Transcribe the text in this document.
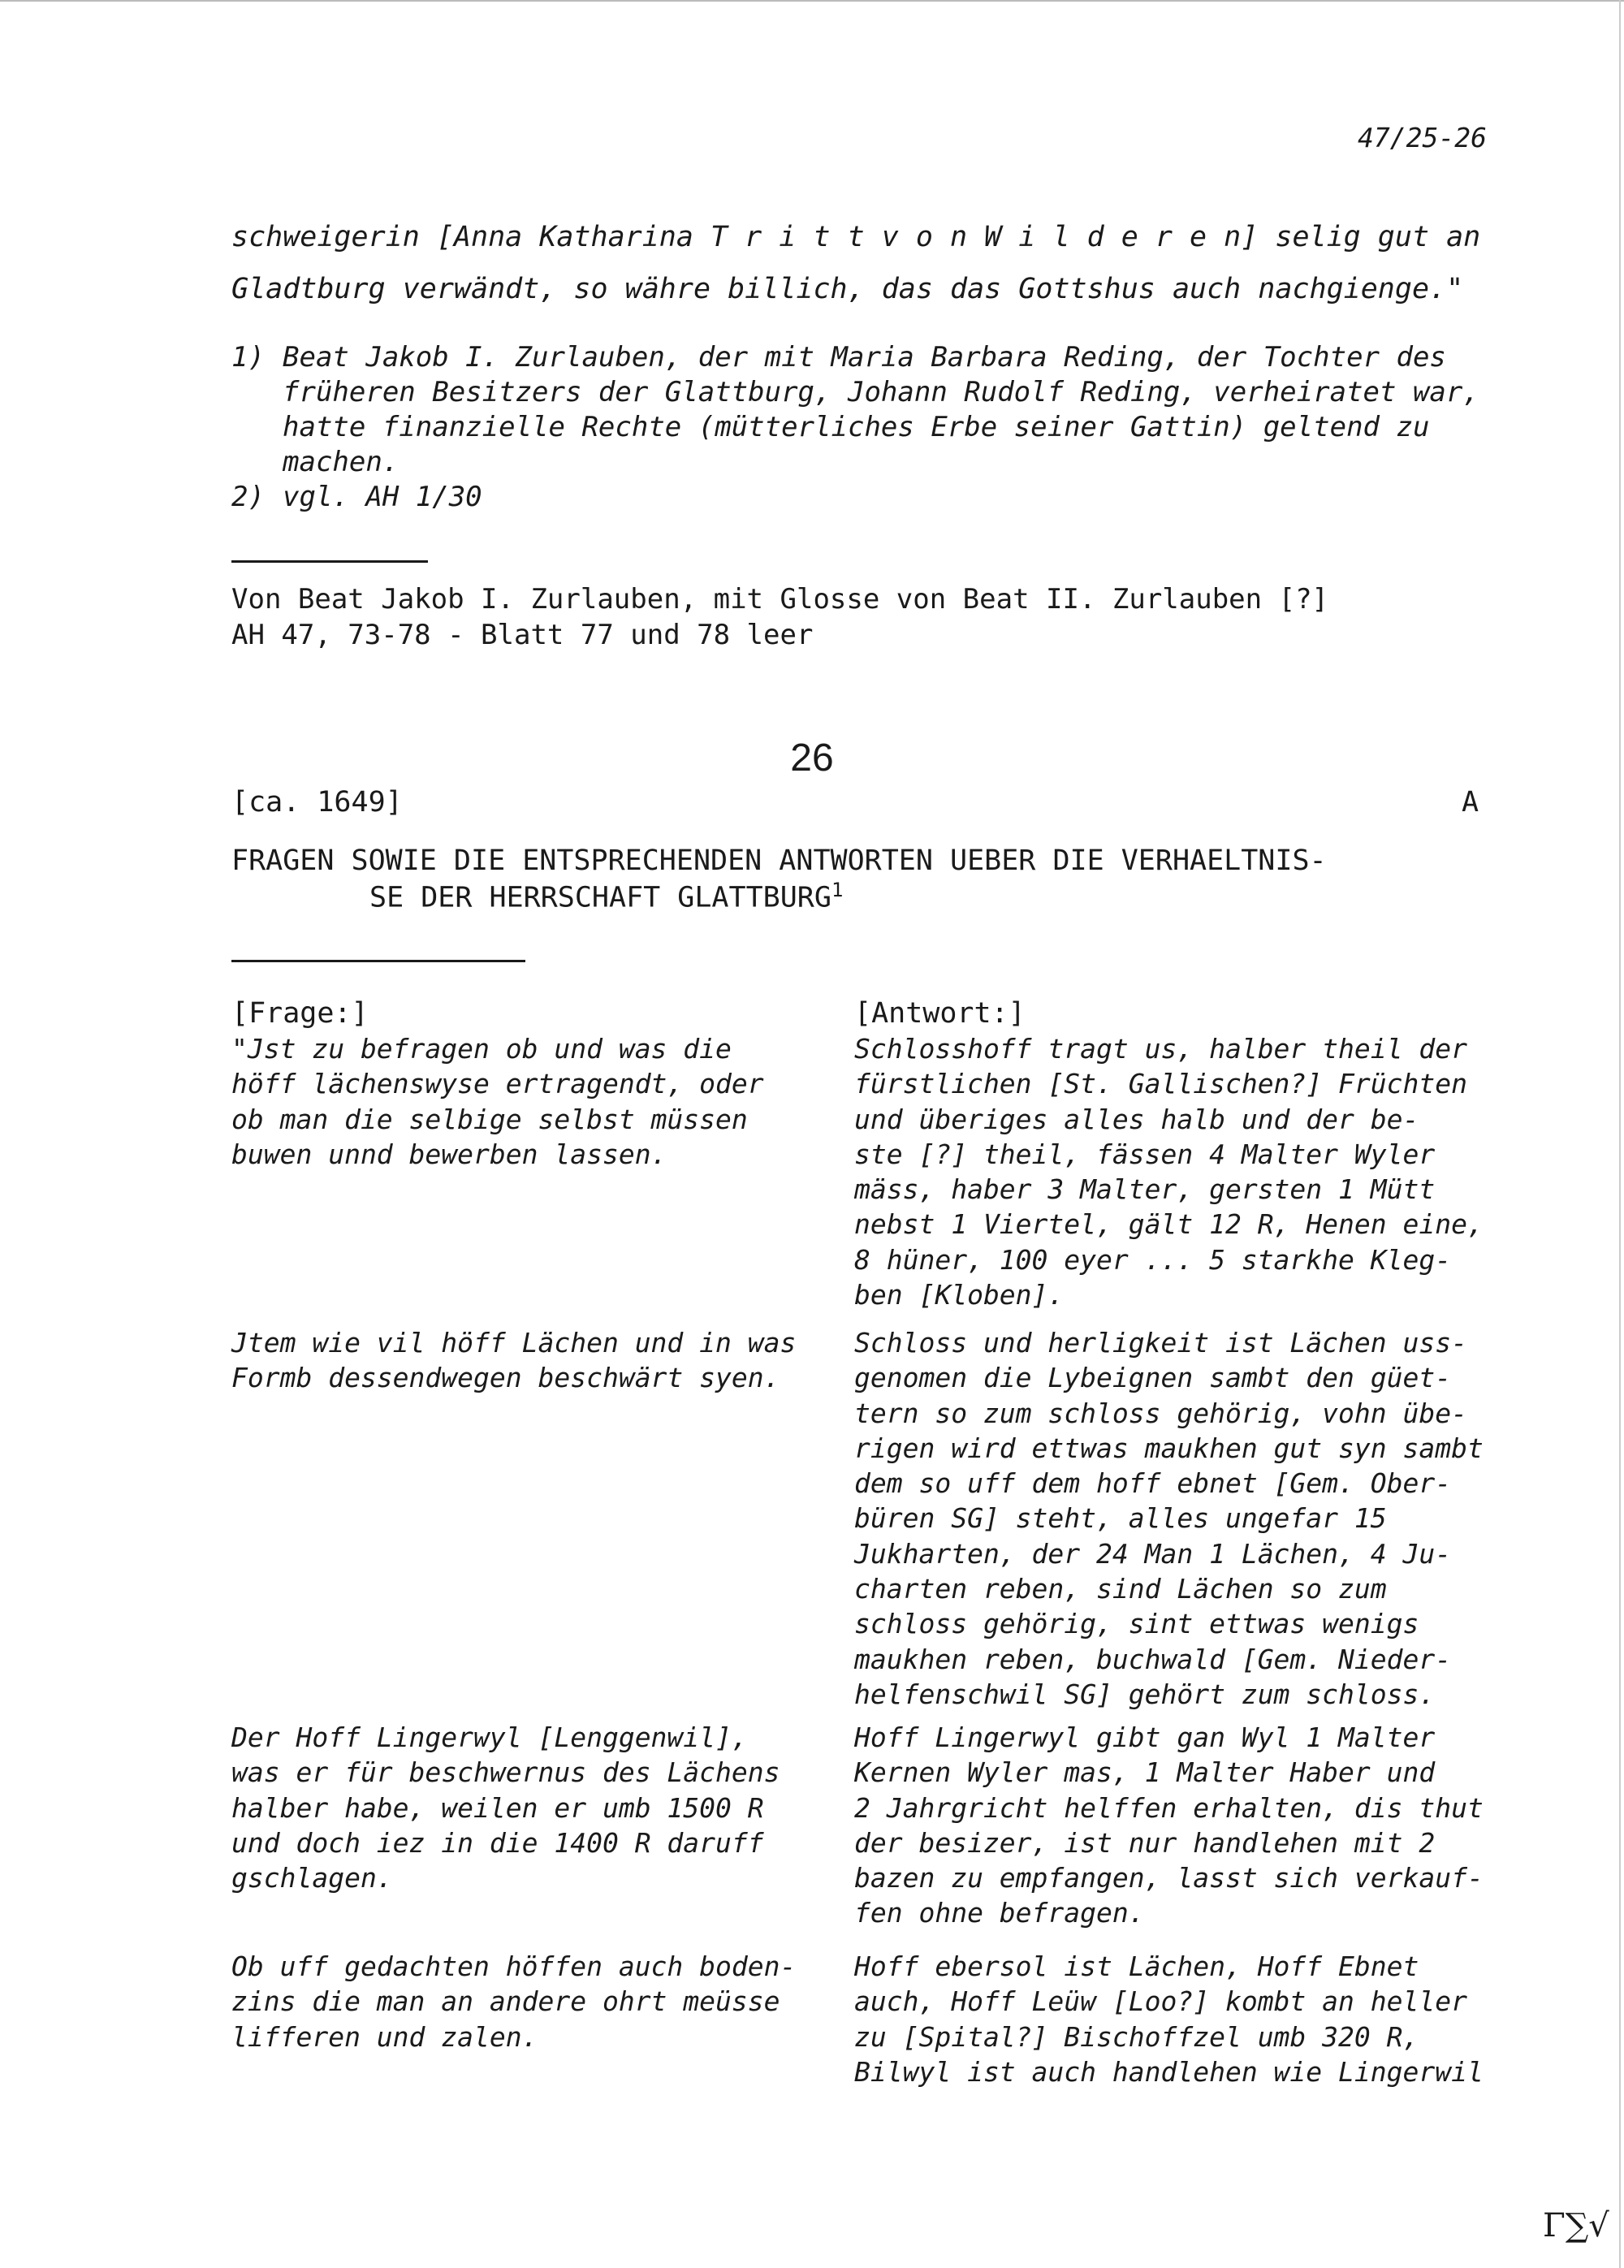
47/25-26
schweigerin [Anna Katharina T r i t t v o n W i l d e r e n] selig gut an
Gladtburg verwändt, so währe billich, das das Gottshus auch nachgienge."
1) Beat Jakob I. Zurlauben, der mit Maria Barbara Reding, der Tochter des
früheren Besitzers der Glattburg, Johann Rudolf Reding, verheiratet war,
hatte finanzielle Rechte (mütterliches Erbe seiner Gattin) geltend zu
machen.
2) vgl. AH 1/30
Von Beat Jakob I. Zurlauben, mit Glosse von Beat II. Zurlauben [?]
AH 47, 73-78 - Blatt 77 und 78 leer
26
[ca. 1649]	A
FRAGEN SOWIE DIE ENTSPRECHENDEN ANTWORTEN UEBER DIE VERHAELTNIS-
SE DER HERRSCHAFT GLATTBURG$^1$
[Frage:]	[Antwort:]
"Jst zu befragen ob und was die
höff lächenswyse ertragendt, oder
ob man die selbige selbst müssen
buwen unnd bewerben lassen.
Schlosshoff tragt us, halber theil der
fürstlichen [St. Gallischen?] Früchten
und überiges alles halb und der be-
ste [?] theil, fässen 4 Malter Wyler
mäss, haber 3 Malter, gersten 1 Mütt
nebst 1 Viertel, gält 12 R, Henen eine,
8 hüner, 100 eyer ... 5 starkhe Kleg-
ben [Kloben].
Jtem wie vil höff Lächen und in was
Formb dessendwegen beschwärt syen.
Schloss und herligkeit ist Lächen uss-
genomen die Lybeignen sambt den güet-
tern so zum schloss gehörig, vohn übe-
rigen wird ettwas maukhen gut syn sambt
dem so uff dem hoff ebnet [Gem. Ober-
büren SG] steht, alles ungefar 15
Jukharten, der 24 Man 1 Lächen, 4 Ju-
charten reben, sind Lächen so zum
schloss gehörig, sint ettwas wenigs
maukhen reben, buchwald [Gem. Nieder-
helfenschwil SG] gehört zum schloss.
Der Hoff Lingerwyl [Lenggenwil],
was er für beschwernus des Lächens
halber habe, weilen er umb 1500 R
und doch iez in die 1400 R daruff
gschlagen.
Hoff Lingerwyl gibt gan Wyl 1 Malter
Kernen Wyler mas, 1 Malter Haber und
2 Jahrgricht helffen erhalten, dis thut
der besizer, ist nur handlehen mit 2
bazen zu empfangen, lasst sich verkauf-
fen ohne befragen.
Ob uff gedachten höffen auch boden-
zins die man an andere ohrt meüsse
lifferen und zalen.
Hoff ebersol ist Lächen, Hoff Ebnet
auch, Hoff Leüw [Loo?] kombt an heller
zu [Spital?] Bischoffzel umb 320 R,
Bilwyl ist auch handlehen wie Lingerwil
Γ∑√
